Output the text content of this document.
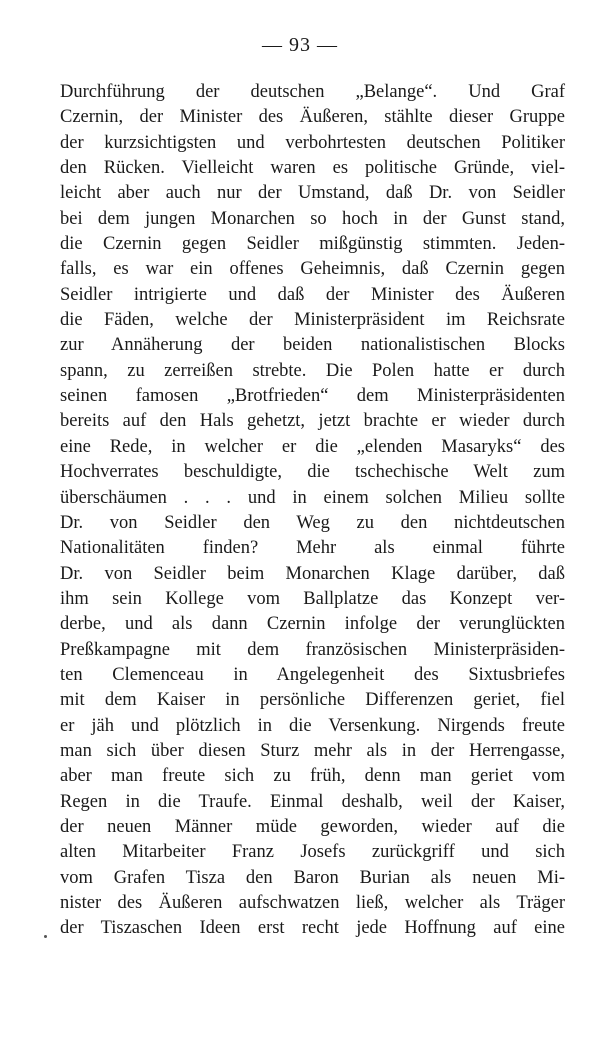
— 93 —
Durchführung der deutschen „Belange“. Und Graf
Czernin, der Minister des Äußeren, stählte dieser Gruppe
der kurzsichtigsten und verbohrtesten deutschen Politiker
den Rücken. Vielleicht waren es politische Gründe, viel-
leicht aber auch nur der Umstand, daß Dr. von Seidler
bei dem jungen Monarchen so hoch in der Gunst stand,
die Czernin gegen Seidler mißgünstig stimmten. Jeden-
falls, es war ein offenes Geheimnis, daß Czernin gegen
Seidler intrigierte und daß der Minister des Äußeren
die Fäden, welche der Ministerpräsident im Reichsrate
zur Annäherung der beiden nationalistischen Blocks
spann, zu zerreißen strebte. Die Polen hatte er durch
seinen famosen „Brotfrieden“ dem Ministerpräsidenten
bereits auf den Hals gehetzt, jetzt brachte er wieder durch
eine Rede, in welcher er die „elenden Masaryks“ des
Hochverrates beschuldigte, die tschechische Welt zum
überschäumen . . . und in einem solchen Milieu sollte
Dr. von Seidler den Weg zu den nichtdeutschen
Nationalitäten finden? Mehr als einmal führte
Dr. von Seidler beim Monarchen Klage darüber, daß
ihm sein Kollege vom Ballplatze das Konzept ver-
derbe, und als dann Czernin infolge der verunglückten
Preßkampagne mit dem französischen Ministerpräsiden-
ten Clemenceau in Angelegenheit des Sixtusbriefes
mit dem Kaiser in persönliche Differenzen geriet, fiel
er jäh und plötzlich in die Versenkung. Nirgends freute
man sich über diesen Sturz mehr als in der Herrengasse,
aber man freute sich zu früh, denn man geriet vom
Regen in die Traufe. Einmal deshalb, weil der Kaiser,
der neuen Männer müde geworden, wieder auf die
alten Mitarbeiter Franz Josefs zurückgriff und sich
vom Grafen Tisza den Baron Burian als neuen Mi-
nister des Äußeren aufschwatzen ließ, welcher als Träger
der Tiszaschen Ideen erst recht jede Hoffnung auf eine
